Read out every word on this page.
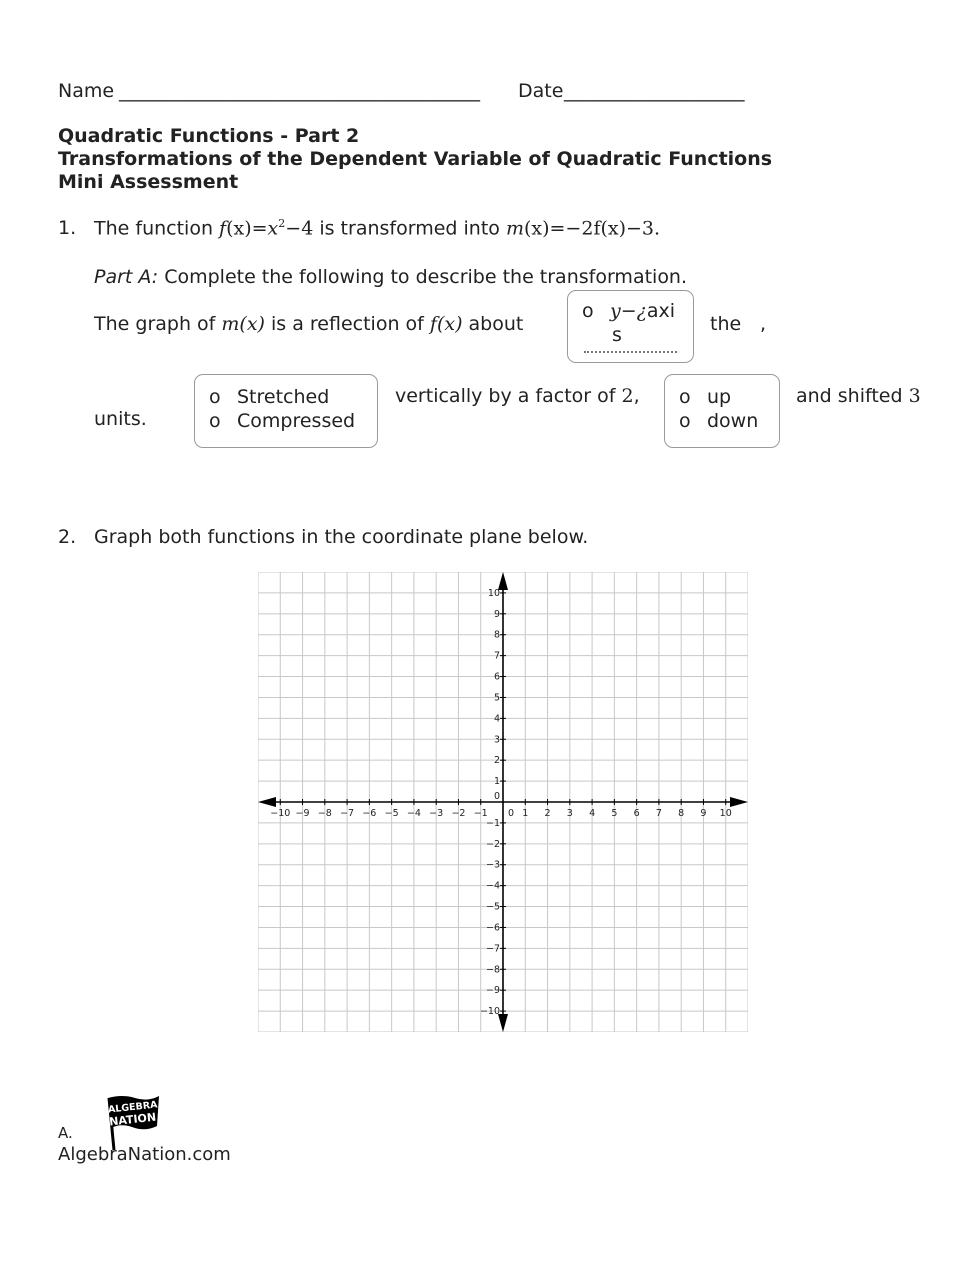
Name ______________________________________ Date ___________________
Quadratic Functions - Part 2
Transformations of the Dependent Variable of Quadratic Functions
Mini Assessment
1. The function $f(x)=x^2-4$ is transformed into m(x)=−2f(x)−3.
Part A: Complete the following to describe the transformation.
The graph of m(x) is a reflection of f(x) about
o y−¿axi
s	the ,
o Stretched
o Compressed
vertically by a factor of 2, o up
o down
and shifted 3
units.
2. Graph both functions in the coordinate plane below.
−10 −9 −8 −7 −6 −5 −4 −3 −2 −1	1 2 3 4 5 6 7 8 9 10
−10
−9
−8
−7
−6
−5
−4
−3
−2
−1
1
2
3
4
5
6
7
8
9
10
0
0
A.
ALGEBRA
NATION
AlgebraNation.com
